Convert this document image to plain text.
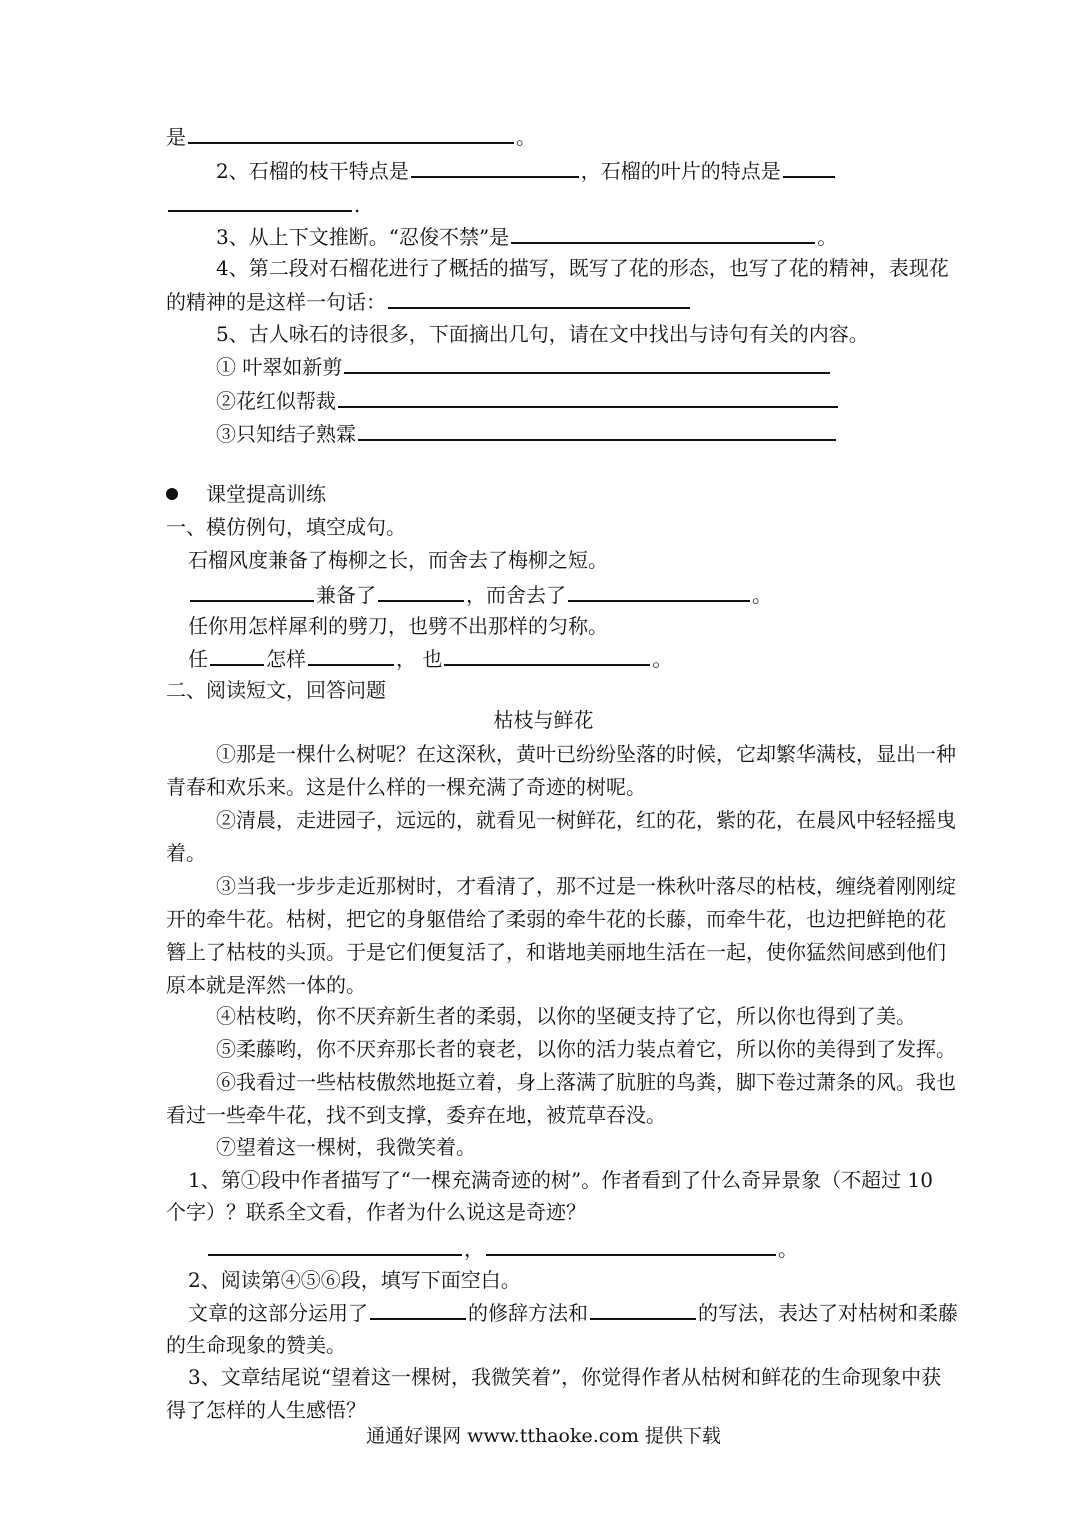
是	。
2、石榴的枝干特点是	，石榴的叶片的特点是
.
3、从上下文推断。“忍俊不禁”是	。
4、第二段对石榴花进行了概括的描写，既写了花的形态，也写了花的精神，表现花
的精神的是这样一句话：
5、古人咏石的诗很多，下面摘出几句，请在文中找出与诗句有关的内容。
① 叶翠如新剪
②花红似帮裁
③只知结子熟霖
课堂提高训练
一、模仿例句，填空成句。
石榴风度兼备了梅柳之长，而舍去了梅柳之短。
兼备了	，而舍去了	。
任你用怎样犀利的劈刀，也劈不出那样的匀称。
任	怎样	， 也	。
二、阅读短文，回答问题
枯枝与鲜花
①那是一棵什么树呢？在这深秋，黄叶已纷纷坠落的时候，它却繁华满枝，显出一种
青春和欢乐来。这是什么样的一棵充满了奇迹的树呢。
②清晨，走进园子，远远的，就看见一树鲜花，红的花，紫的花，在晨风中轻轻摇曳
着。
③当我一步步走近那树时，才看清了，那不过是一株秋叶落尽的枯枝，缠绕着刚刚绽
开的牵牛花。枯树，把它的身躯借给了柔弱的牵牛花的长藤，而牵牛花，也边把鲜艳的花
簪上了枯枝的头顶。于是它们便复活了，和谐地美丽地生活在一起，使你猛然间感到他们
原本就是浑然一体的。
④枯枝哟，你不厌弃新生者的柔弱，以你的坚硬支持了它，所以你也得到了美。
⑤柔藤哟，你不厌弃那长者的衰老，以你的活力装点着它，所以你的美得到了发挥。
⑥我看过一些枯枝傲然地挺立着，身上落满了肮脏的鸟粪，脚下卷过萧条的风。我也
看过一些牵牛花，找不到支撑，委弃在地，被荒草吞没。
⑦望着这一棵树，我微笑着。
1、第①段中作者描写了“一棵充满奇迹的树”。作者看到了什么奇异景象（不超过 10
个字）？联系全文看，作者为什么说这是奇迹？
，	。
2、阅读第④⑤⑥段，填写下面空白。
文章的这部分运用了	的修辞方法和	的写法，表达了对枯树和柔藤
的生命现象的赞美。
3、文章结尾说“望着这一棵树，我微笑着”，你觉得作者从枯树和鲜花的生命现象中获
得了怎样的人生感悟？
通通好课网 www.tthaoke.com 提供下载
